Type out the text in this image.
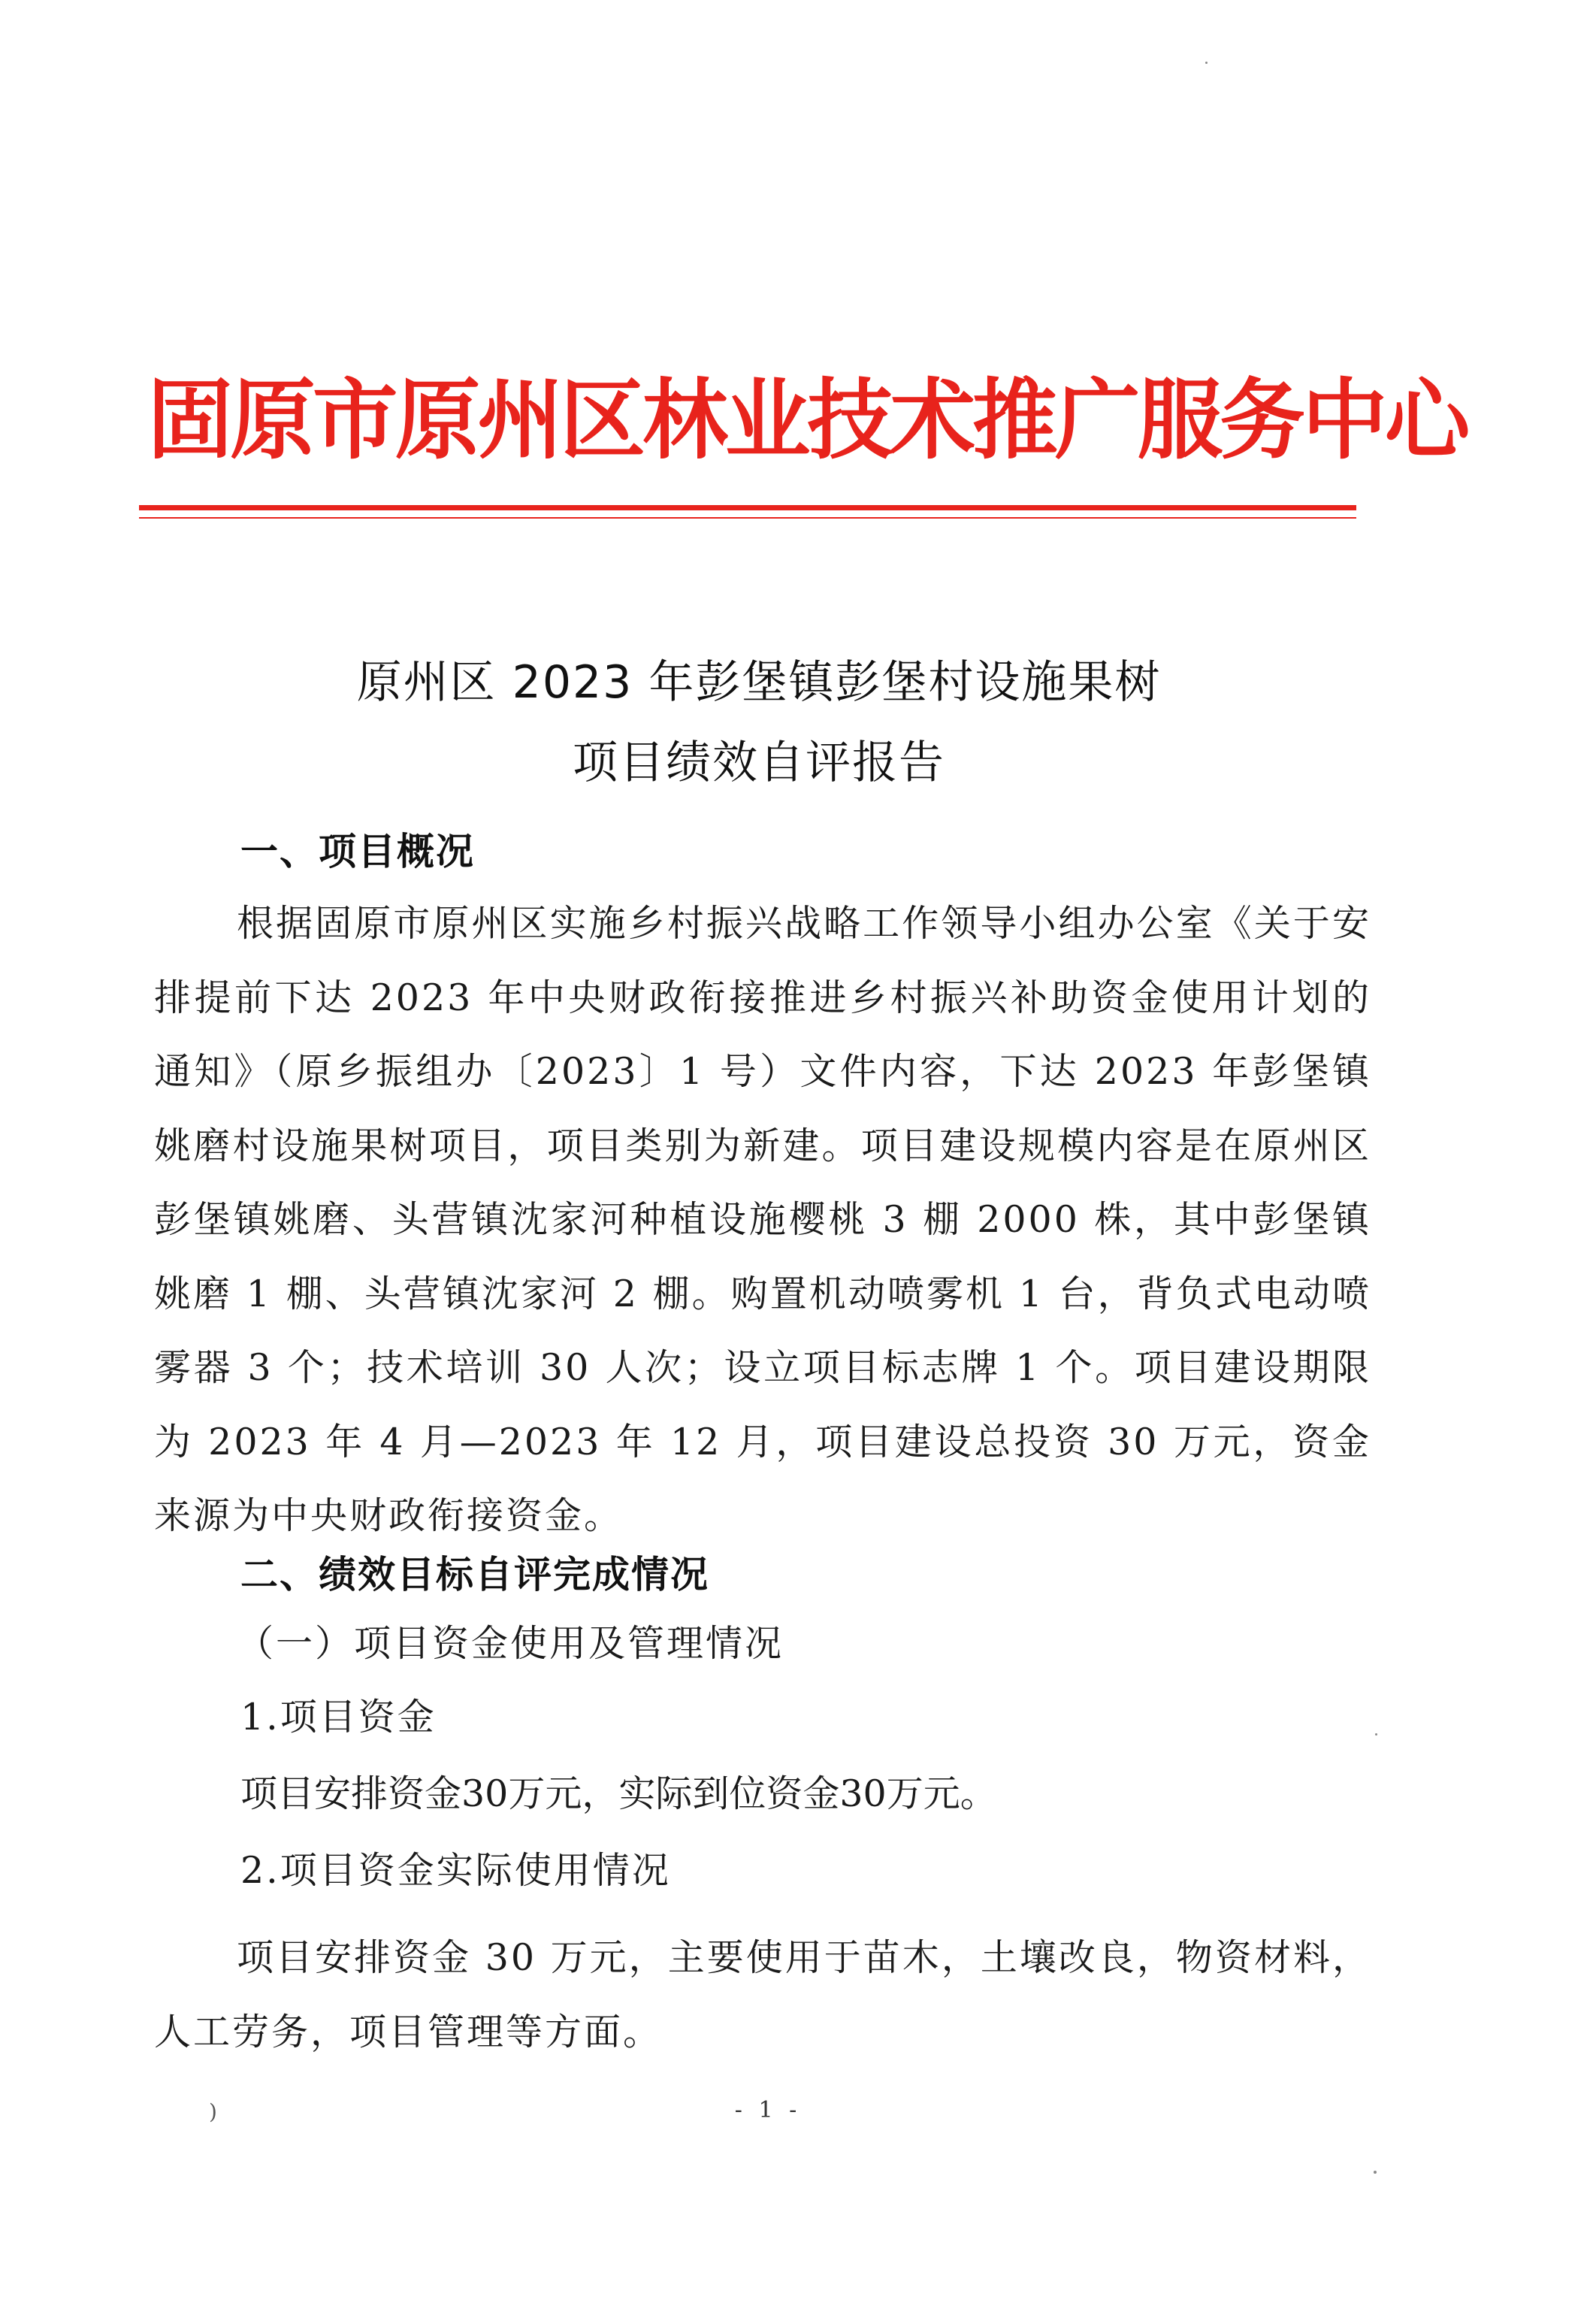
固原市原州区林业技术推广服务中心
原州区 2023 年彭堡镇彭堡村设施果树
项目绩效自评报告
一、项目概况
根据固原市原州区实施乡村振兴战略工作领导小组办公室《关于安排提前下达 2023 年中央财政衔接推进乡村振兴补助资金使用计划的通知》（原乡振组办〔2023〕1 号）文件内容，下达 2023 年彭堡镇姚磨村设施果树项目，项目类别为新建。项目建设规模内容是在原州区彭堡镇姚磨、头营镇沈家河种植设施樱桃 3 棚 2000 株，其中彭堡镇姚磨 1 棚、头营镇沈家河 2 棚。购置机动喷雾机 1 台，背负式电动喷雾器 3 个；技术培训 30 人次；设立项目标志牌 1 个。项目建设期限为 2023 年 4 月—2023 年 12 月，项目建设总投资 30 万元，资金来源为中央财政衔接资金。
二、绩效目标自评完成情况
（一）项目资金使用及管理情况
1.项目资金
项目安排资金30万元，实际到位资金30万元。
2.项目资金实际使用情况
项目安排资金 30 万元，主要使用于苗木，土壤改良，物资材料，人工劳务，项目管理等方面。
)	- 1 -
